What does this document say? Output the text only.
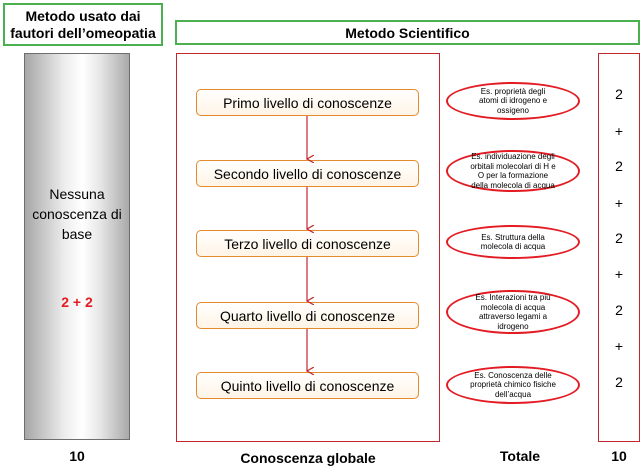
Metodo usato dai
fautori dell’omeopatia	Metodo Scientifico
Nessuna
conoscenza di
base
2 + 2
Primo livello di conoscenze
Secondo livello di conoscenze
Terzo livello di conoscenze
Quarto livello di conoscenze
Quinto livello di conoscenze
Es. proprietà degli
atomi di idrogeno e
ossigeno
Es. individuazione degli
orbitali molecolari di H e
O per la formazione
della molecola di acqua
Es. Struttura della
molecola di acqua
Es. Interazioni tra più
molecola di acqua
attraverso legami a
idrogeno
Es. Conoscenza delle
proprietà chimico fisiche
dell’acqua
2
+
2
+
2
+
2
+
2
10	Conoscenza globale	Totale	10
